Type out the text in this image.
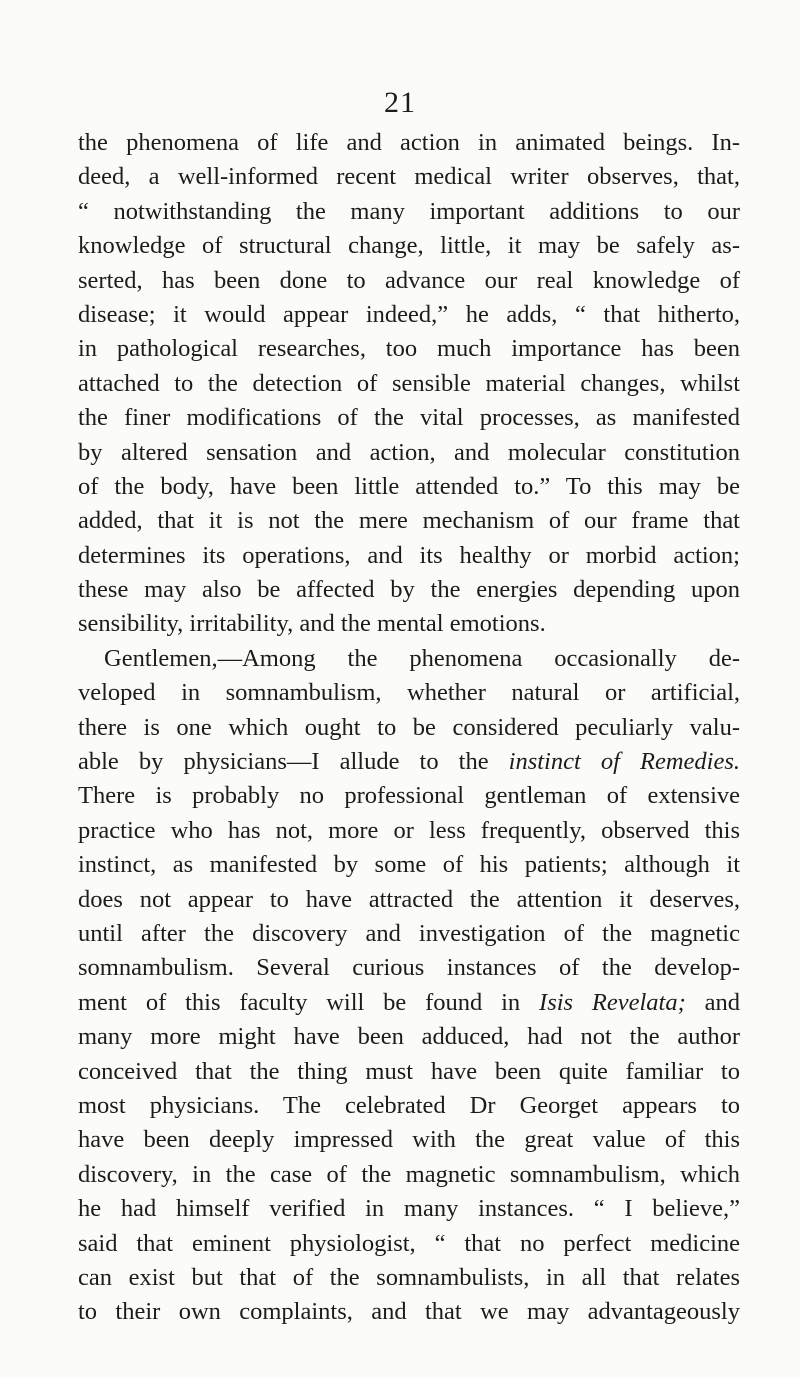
21
the phenomena of life and action in animated beings. In-
deed, a well-informed recent medical writer observes, that,
“ notwithstanding the many important additions to our
knowledge of structural change, little, it may be safely as-
serted, has been done to advance our real knowledge of
disease; it would appear indeed,” he adds, “ that hitherto,
in pathological researches, too much importance has been
attached to the detection of sensible material changes, whilst
the finer modifications of the vital processes, as manifested
by altered sensation and action, and molecular constitution
of the body, have been little attended to.” To this may be
added, that it is not the mere mechanism of our frame that
determines its operations, and its healthy or morbid action;
these may also be affected by the energies depending upon
sensibility, irritability, and the mental emotions.
Gentlemen,—Among the phenomena occasionally de-
veloped in somnambulism, whether natural or artificial,
there is one which ought to be considered peculiarly valu-
able by physicians—I allude to the instinct of Remedies.
There is probably no professional gentleman of extensive
practice who has not, more or less frequently, observed this
instinct, as manifested by some of his patients; although it
does not appear to have attracted the attention it deserves,
until after the discovery and investigation of the magnetic
somnambulism. Several curious instances of the develop-
ment of this faculty will be found in Isis Revelata; and
many more might have been adduced, had not the author
conceived that the thing must have been quite familiar to
most physicians. The celebrated Dr Georget appears to
have been deeply impressed with the great value of this
discovery, in the case of the magnetic somnambulism, which
he had himself verified in many instances. “ I believe,”
said that eminent physiologist, “ that no perfect medicine
can exist but that of the somnambulists, in all that relates
to their own complaints, and that we may advantageously
